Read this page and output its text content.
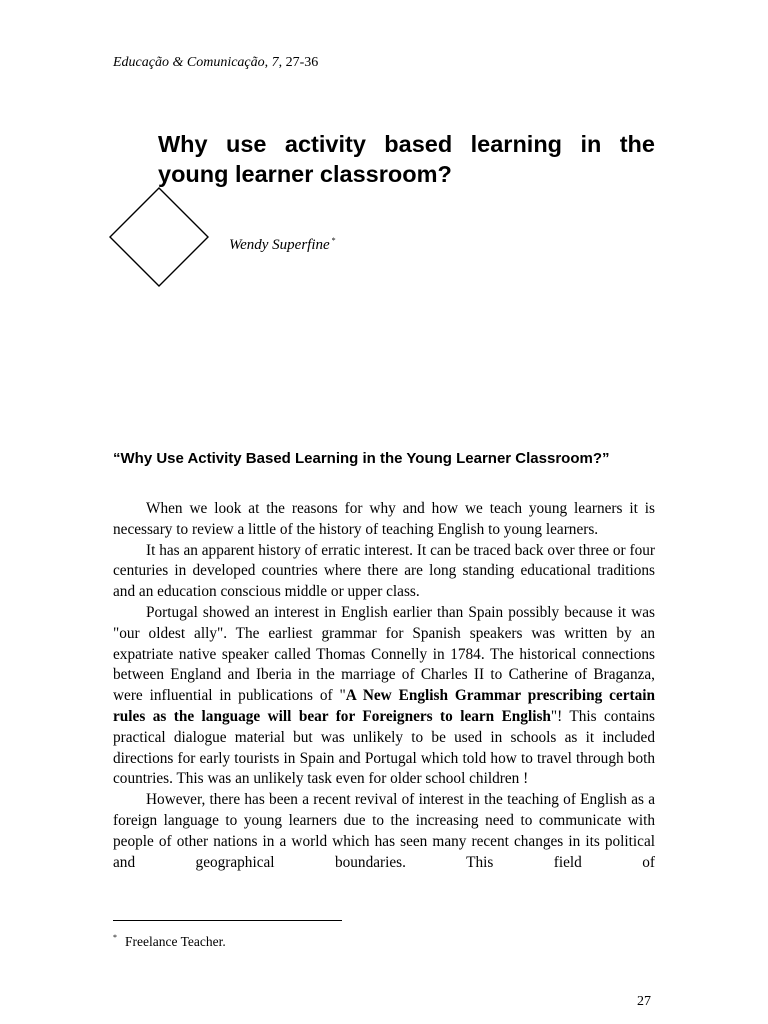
Educação & Comunicação, 7, 27-36
Why use activity based learning in the young learner classroom?
Wendy Superfine *
“Why Use Activity Based Learning in the Young Learner Classroom?”

When we look at the reasons for why and how we teach young learners it is necessary to review a little of the history of teaching English to young learners.

It has an apparent history of erratic interest. It can be traced back over three or four centuries in developed countries where there are long standing educational traditions and an education conscious middle or upper class.

Portugal showed an interest in English earlier than Spain possibly because it was "our oldest ally". The earliest grammar for Spanish speakers was written by an expatriate native speaker called Thomas Connelly in 1784. The historical connections between England and Iberia in the marriage of Charles II to Catherine of Braganza, were influential in publications of "A New English Grammar prescribing certain rules as the language will bear for Foreigners to learn English"! This contains practical dialogue material but was unlikely to be used in schools as it included directions for early tourists in Spain and Portugal which told how to travel through both countries. This was an unlikely task even for older school children !

However, there has been a recent revival of interest in the teaching of English as a foreign language to young learners due to the increasing need to communicate with people of other nations in a world which has seen many recent changes in its political and geographical boundaries. This field of

* Freelance Teacher.
27
